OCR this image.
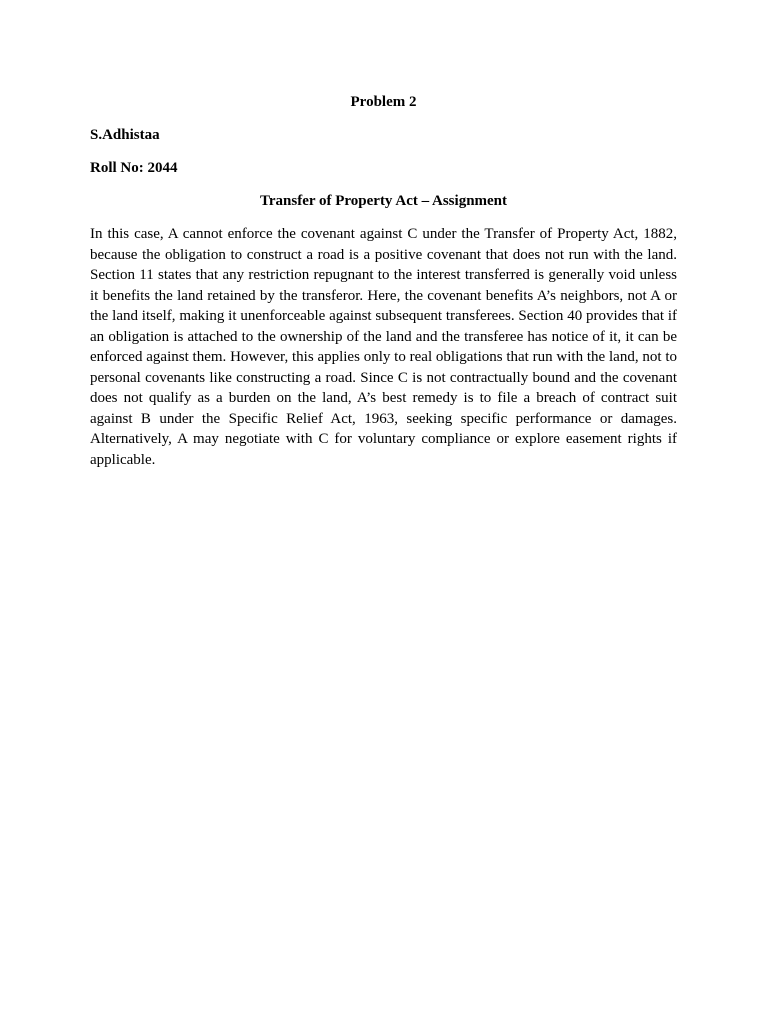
Problem 2

S.Adhistaa

Roll No: 2044

Transfer of Property Act – Assignment

In this case, A cannot enforce the covenant against C under the Transfer of Property Act, 1882, because the obligation to construct a road is a positive covenant that does not run with the land. Section 11 states that any restriction repugnant to the interest transferred is generally void unless it benefits the land retained by the transferor. Here, the covenant benefits A’s neighbors, not A or the land itself, making it unenforceable against subsequent transferees. Section 40 provides that if an obligation is attached to the ownership of the land and the transferee has notice of it, it can be enforced against them. However, this applies only to real obligations that run with the land, not to personal covenants like constructing a road. Since C is not contractually bound and the covenant does not qualify as a burden on the land, A’s best remedy is to file a breach of contract suit against B under the Specific Relief Act, 1963, seeking specific performance or damages. Alternatively, A may negotiate with C for voluntary compliance or explore easement rights if applicable.
